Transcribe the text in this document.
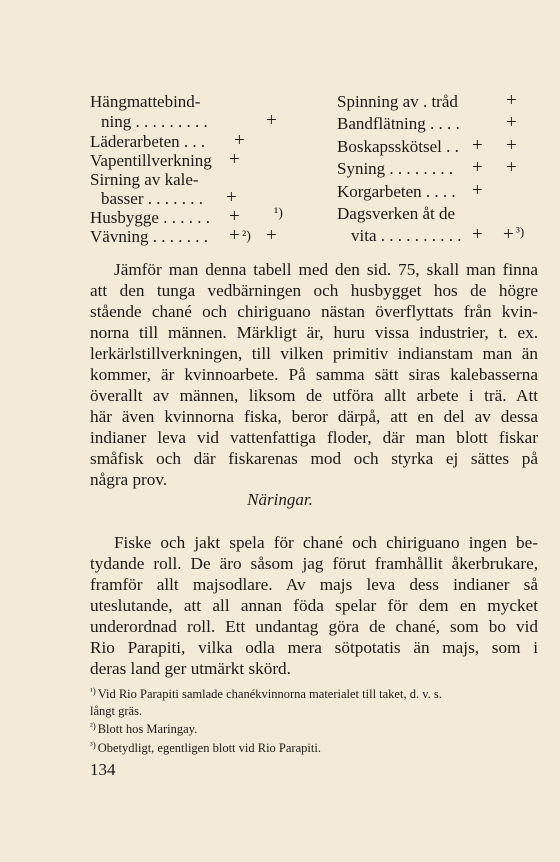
Hängmattebind-
ning . . . . . . . . .	+
Läderarbeten . . . +
Vapentillverkning +
Sirning av kale-
basser . . . . . . . +
Husbygge . . . . . . + ¹)
Vävning . . . . . . . + ²) +
Spinning av . tråd	+
Bandflätning . . . . +
Boskapsskötsel . . + +
Syning . . . . . . . . + +
Korgarbeten . . . . +
Dagsverken åt de
vita . . . . . . . . . . + + ³)
Jämför man denna tabell med den sid. 75, skall man finna
att den tunga vedbärningen och husbygget hos de högre
stående chané och chiriguano nästan överflyttats från kvin-
norna till männen. Märkligt är, huru vissa industrier, t. ex.
lerkärlstillverkningen, till vilken primitiv indianstam man än
kommer, är kvinnoarbete. På samma sätt siras kalebasserna
överallt av männen, liksom de utföra allt arbete i trä. Att
här även kvinnorna fiska, beror därpå, att en del av dessa
indianer leva vid vattenfattiga floder, där man blott fiskar
småfisk och där fiskarenas mod och styrka ej sättes på
några prov.
Näringar.
Fiske och jakt spela för chané och chiriguano ingen be-
tydande roll. De äro såsom jag förut framhållit åkerbrukare,
framför allt majsodlare. Av majs leva dess indianer så
uteslutande, att all annan föda spelar för dem en mycket
underordnad roll. Ett undantag göra de chané, som bo vid
Rio Parapiti, vilka odla mera sötpotatis än majs, som i
deras land ger utmärkt skörd.
$^{^1)}$ Vid Rio Parapiti samlade chanékvinnorna materialet till taket, d. v. s.
långt gräs.
$^{^2)}$ Blott hos Maringay.
$^{^3)}$ Obetydligt, egentligen blott vid Rio Parapiti.
134
